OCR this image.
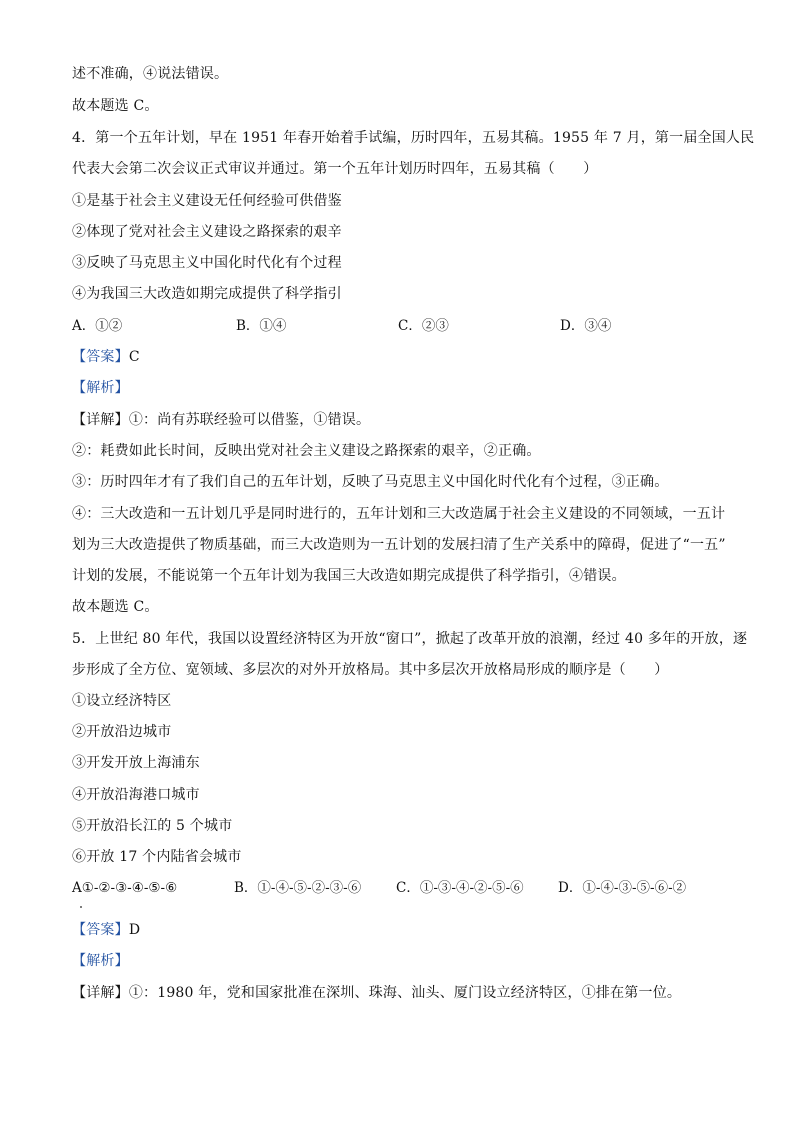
述不准确，④说法错误。
故本题选 C。
4．第一个五年计划，早在 1951 年春开始着手试编，历时四年，五易其稿。1955 年 7 月，第一届全国人民
代表大会第二次会议正式审议并通过。第一个五年计划历时四年，五易其稿（　　）
①是基于社会主义建设无任何经验可供借鉴
②体现了党对社会主义建设之路探索的艰辛
③反映了马克思主义中国化时代化有个过程
④为我国三大改造如期完成提供了科学指引
A．①②	B．①④	C．②③	D．③④
【答案】C
【解析】
【详解】①：尚有苏联经验可以借鉴，①错误。
②：耗费如此长时间，反映出党对社会主义建设之路探索的艰辛，②正确。
③：历时四年才有了我们自己的五年计划，反映了马克思主义中国化时代化有个过程，③正确。
④：三大改造和一五计划几乎是同时进行的，五年计划和三大改造属于社会主义建设的不同领域，一五计
划为三大改造提供了物质基础，而三大改造则为一五计划的发展扫清了生产关系中的障碍，促进了“一五”
计划的发展，不能说第一个五年计划为我国三大改造如期完成提供了科学指引，④错误。
故本题选 C。
5．上世纪 80 年代，我国以设置经济特区为开放“窗口”，掀起了改革开放的浪潮，经过 40 多年的开放，逐
步形成了全方位、宽领域、多层次的对外开放格局。其中多层次开放格局形成的顺序是（　　）
①设立经济特区
②开放沿边城市
③开发开放上海浦东
④开放沿海港口城市
⑤开放沿长江的 5 个城市
⑥开放 17 个内陆省会城市
A①-②-③-④-⑤-⑥	B．①-④-⑤-②-③-⑥	C．①-③-④-②-⑤-⑥	D．①-④-③-⑤-⑥-②
【答案】D
【解析】
【详解】①：1980 年，党和国家批准在深圳、珠海、汕头、厦门设立经济特区，①排在第一位。
